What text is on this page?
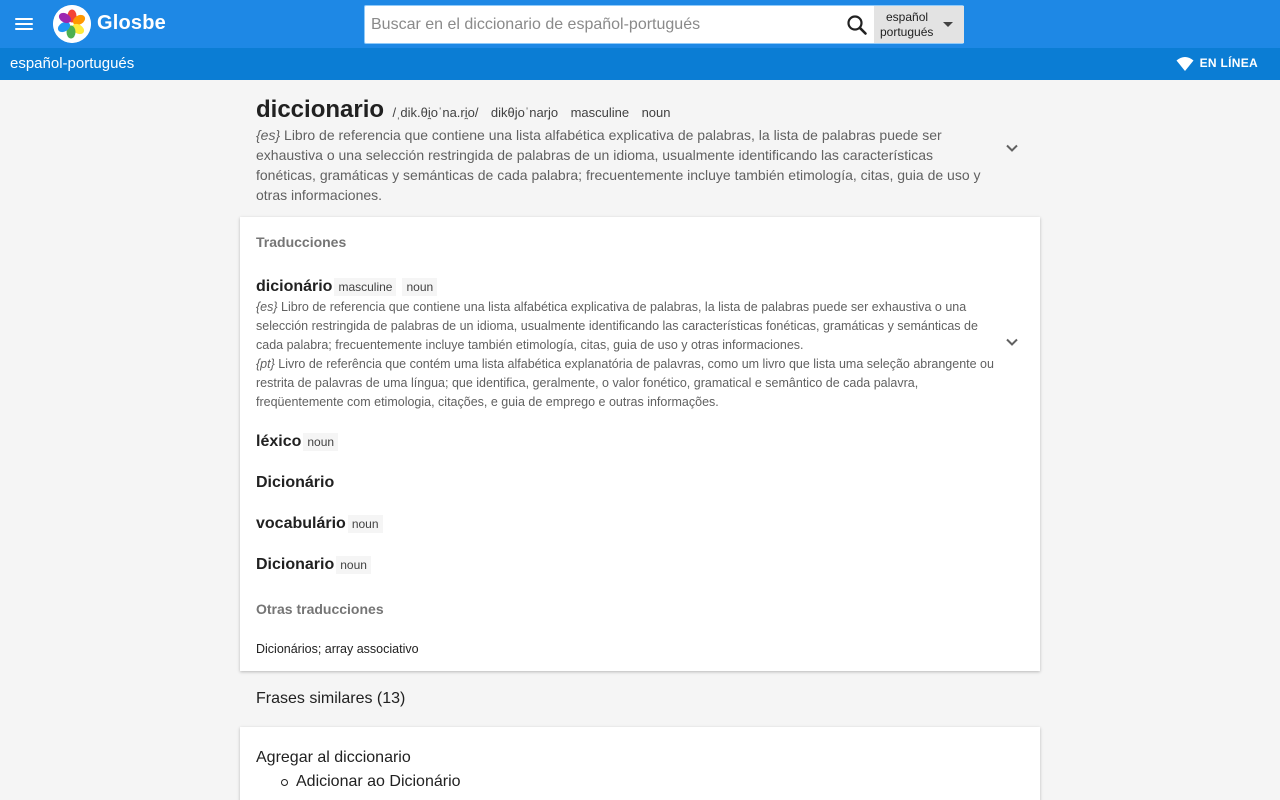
Glosbe
Buscar en el diccionario de español-portugués	español
portugués
español-portugués	EN LÍNEA
diccionario /ˌdik.θi̯oˈna.ri̯o/ dikθjoˈnarjo masculine noun
{es} Libro de referencia que contiene una lista alfabética explicativa de palabras, la lista de palabras puede ser exhaustiva o una selección restringida de palabras de un idioma, usualmente identificando las características fonéticas, gramáticas y semánticas de cada palabra; frecuentemente incluye también etimología, citas, guia de uso y otras informaciones.
Traducciones
dicionário masculine noun
{es} Libro de referencia que contiene una lista alfabética explicativa de palabras, la lista de palabras puede ser exhaustiva o una selección restringida de palabras de un idioma, usualmente identificando las características fonéticas, gramáticas y semánticas de cada palabra; frecuentemente incluye también etimología, citas, guia de uso y otras informaciones.
{pt} Livro de referência que contém uma lista alfabética explanatória de palavras, como um livro que lista uma seleção abrangente ou restrita de palavras de uma língua; que identifica, geralmente, o valor fonético, gramatical e semântico de cada palavra, freqüentemente com etimologia, citações, e guia de emprego e outras informações.
léxico noun
Dicionário
vocabulário noun
Dicionario noun
Otras traducciones
Dicionários; array associativo
Frases similares (13)
Agregar al diccionario
Adicionar ao Dicionário
